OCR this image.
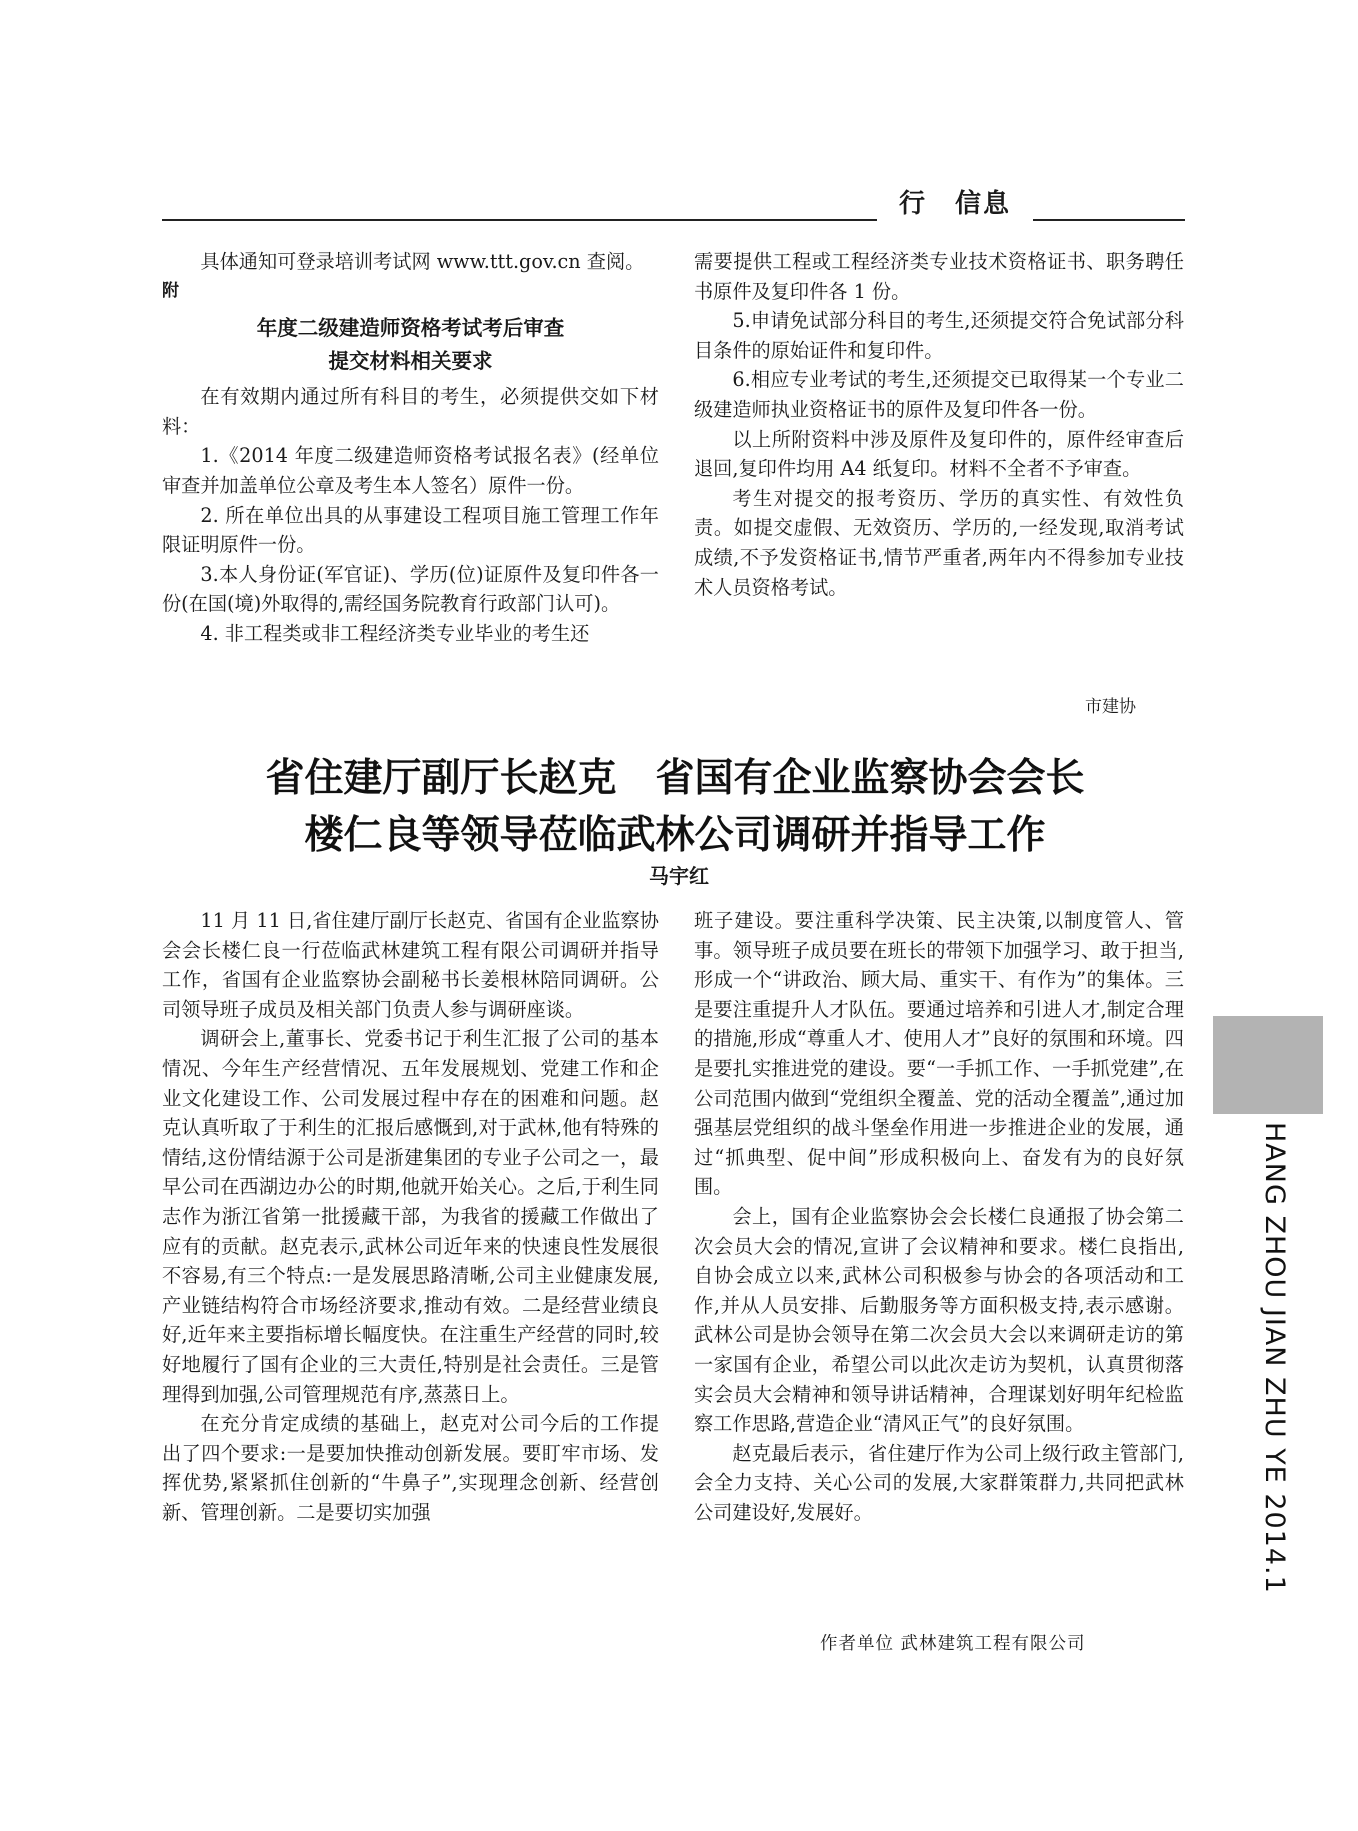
行　信息

具体通知可登录培训考试网 www.ttt.gov.cn 查阅。

附

年度二级建造师资格考试考后审查

提交材料相关要求

在有效期内通过所有科目的考生，必须提供交如下材料：

1.《2014 年度二级建造师资格考试报名表》(经单位审查并加盖单位公章及考生本人签名）原件一份。

2. 所在单位出具的从事建设工程项目施工管理工作年限证明原件一份。

3.本人身份证(军官证)、学历(位)证原件及复印件各一份(在国(境)外取得的,需经国务院教育行政部门认可)。

4. 非工程类或非工程经济类专业毕业的考生还

需要提供工程或工程经济类专业技术资格证书、职务聘任书原件及复印件各 1 份。

5.申请免试部分科目的考生,还须提交符合免试部分科目条件的原始证件和复印件。

6.相应专业考试的考生,还须提交已取得某一个专业二级建造师执业资格证书的原件及复印件各一份。

以上所附资料中涉及原件及复印件的，原件经审查后退回,复印件均用 A4 纸复印。材料不全者不予审查。

考生对提交的报考资历、学历的真实性、有效性负责。如提交虚假、无效资历、学历的,一经发现,取消考试成绩,不予发资格证书,情节严重者,两年内不得参加专业技术人员资格考试。

市建协
省住建厅副厅长赵克　省国有企业监察协会会长
楼仁良等领导莅临武林公司调研并指导工作
马宇红

11 月 11 日,省住建厅副厅长赵克、省国有企业监察协会会长楼仁良一行莅临武林建筑工程有限公司调研并指导工作，省国有企业监察协会副秘书长姜根林陪同调研。公司领导班子成员及相关部门负责人参与调研座谈。

调研会上,董事长、党委书记于利生汇报了公司的基本情况、今年生产经营情况、五年发展规划、党建工作和企业文化建设工作、公司发展过程中存在的困难和问题。赵克认真听取了于利生的汇报后感慨到,对于武林,他有特殊的情结,这份情结源于公司是浙建集团的专业子公司之一，最早公司在西湖边办公的时期,他就开始关心。之后,于利生同志作为浙江省第一批援藏干部，为我省的援藏工作做出了应有的贡献。赵克表示,武林公司近年来的快速良性发展很不容易,有三个特点:一是发展思路清晰,公司主业健康发展,产业链结构符合市场经济要求,推动有效。二是经营业绩良好,近年来主要指标增长幅度快。在注重生产经营的同时,较好地履行了国有企业的三大责任,特别是社会责任。三是管理得到加强,公司管理规范有序,蒸蒸日上。

在充分肯定成绩的基础上，赵克对公司今后的工作提出了四个要求:一是要加快推动创新发展。要盯牢市场、发挥优势,紧紧抓住创新的“牛鼻子”,实现理念创新、经营创新、管理创新。二是要切实加强

班子建设。要注重科学决策、民主决策,以制度管人、管事。领导班子成员要在班长的带领下加强学习、敢于担当,形成一个“讲政治、顾大局、重实干、有作为”的集体。三是要注重提升人才队伍。要通过培养和引进人才,制定合理的措施,形成“尊重人才、使用人才”良好的氛围和环境。四是要扎实推进党的建设。要“一手抓工作、一手抓党建”,在公司范围内做到“党组织全覆盖、党的活动全覆盖”,通过加强基层党组织的战斗堡垒作用进一步推进企业的发展，通过“抓典型、促中间”形成积极向上、奋发有为的良好氛围。

会上，国有企业监察协会会长楼仁良通报了协会第二次会员大会的情况,宣讲了会议精神和要求。楼仁良指出,自协会成立以来,武林公司积极参与协会的各项活动和工作,并从人员安排、后勤服务等方面积极支持,表示感谢。武林公司是协会领导在第二次会员大会以来调研走访的第一家国有企业，希望公司以此次走访为契机，认真贯彻落实会员大会精神和领导讲话精神，合理谋划好明年纪检监察工作思路,营造企业“清风正气”的良好氛围。

赵克最后表示，省住建厅作为公司上级行政主管部门,会全力支持、关心公司的发展,大家群策群力,共同把武林公司建设好,发展好。

作者单位 武林建筑工程有限公司
HANG ZHOU JIAN ZHU YE 2014.1
